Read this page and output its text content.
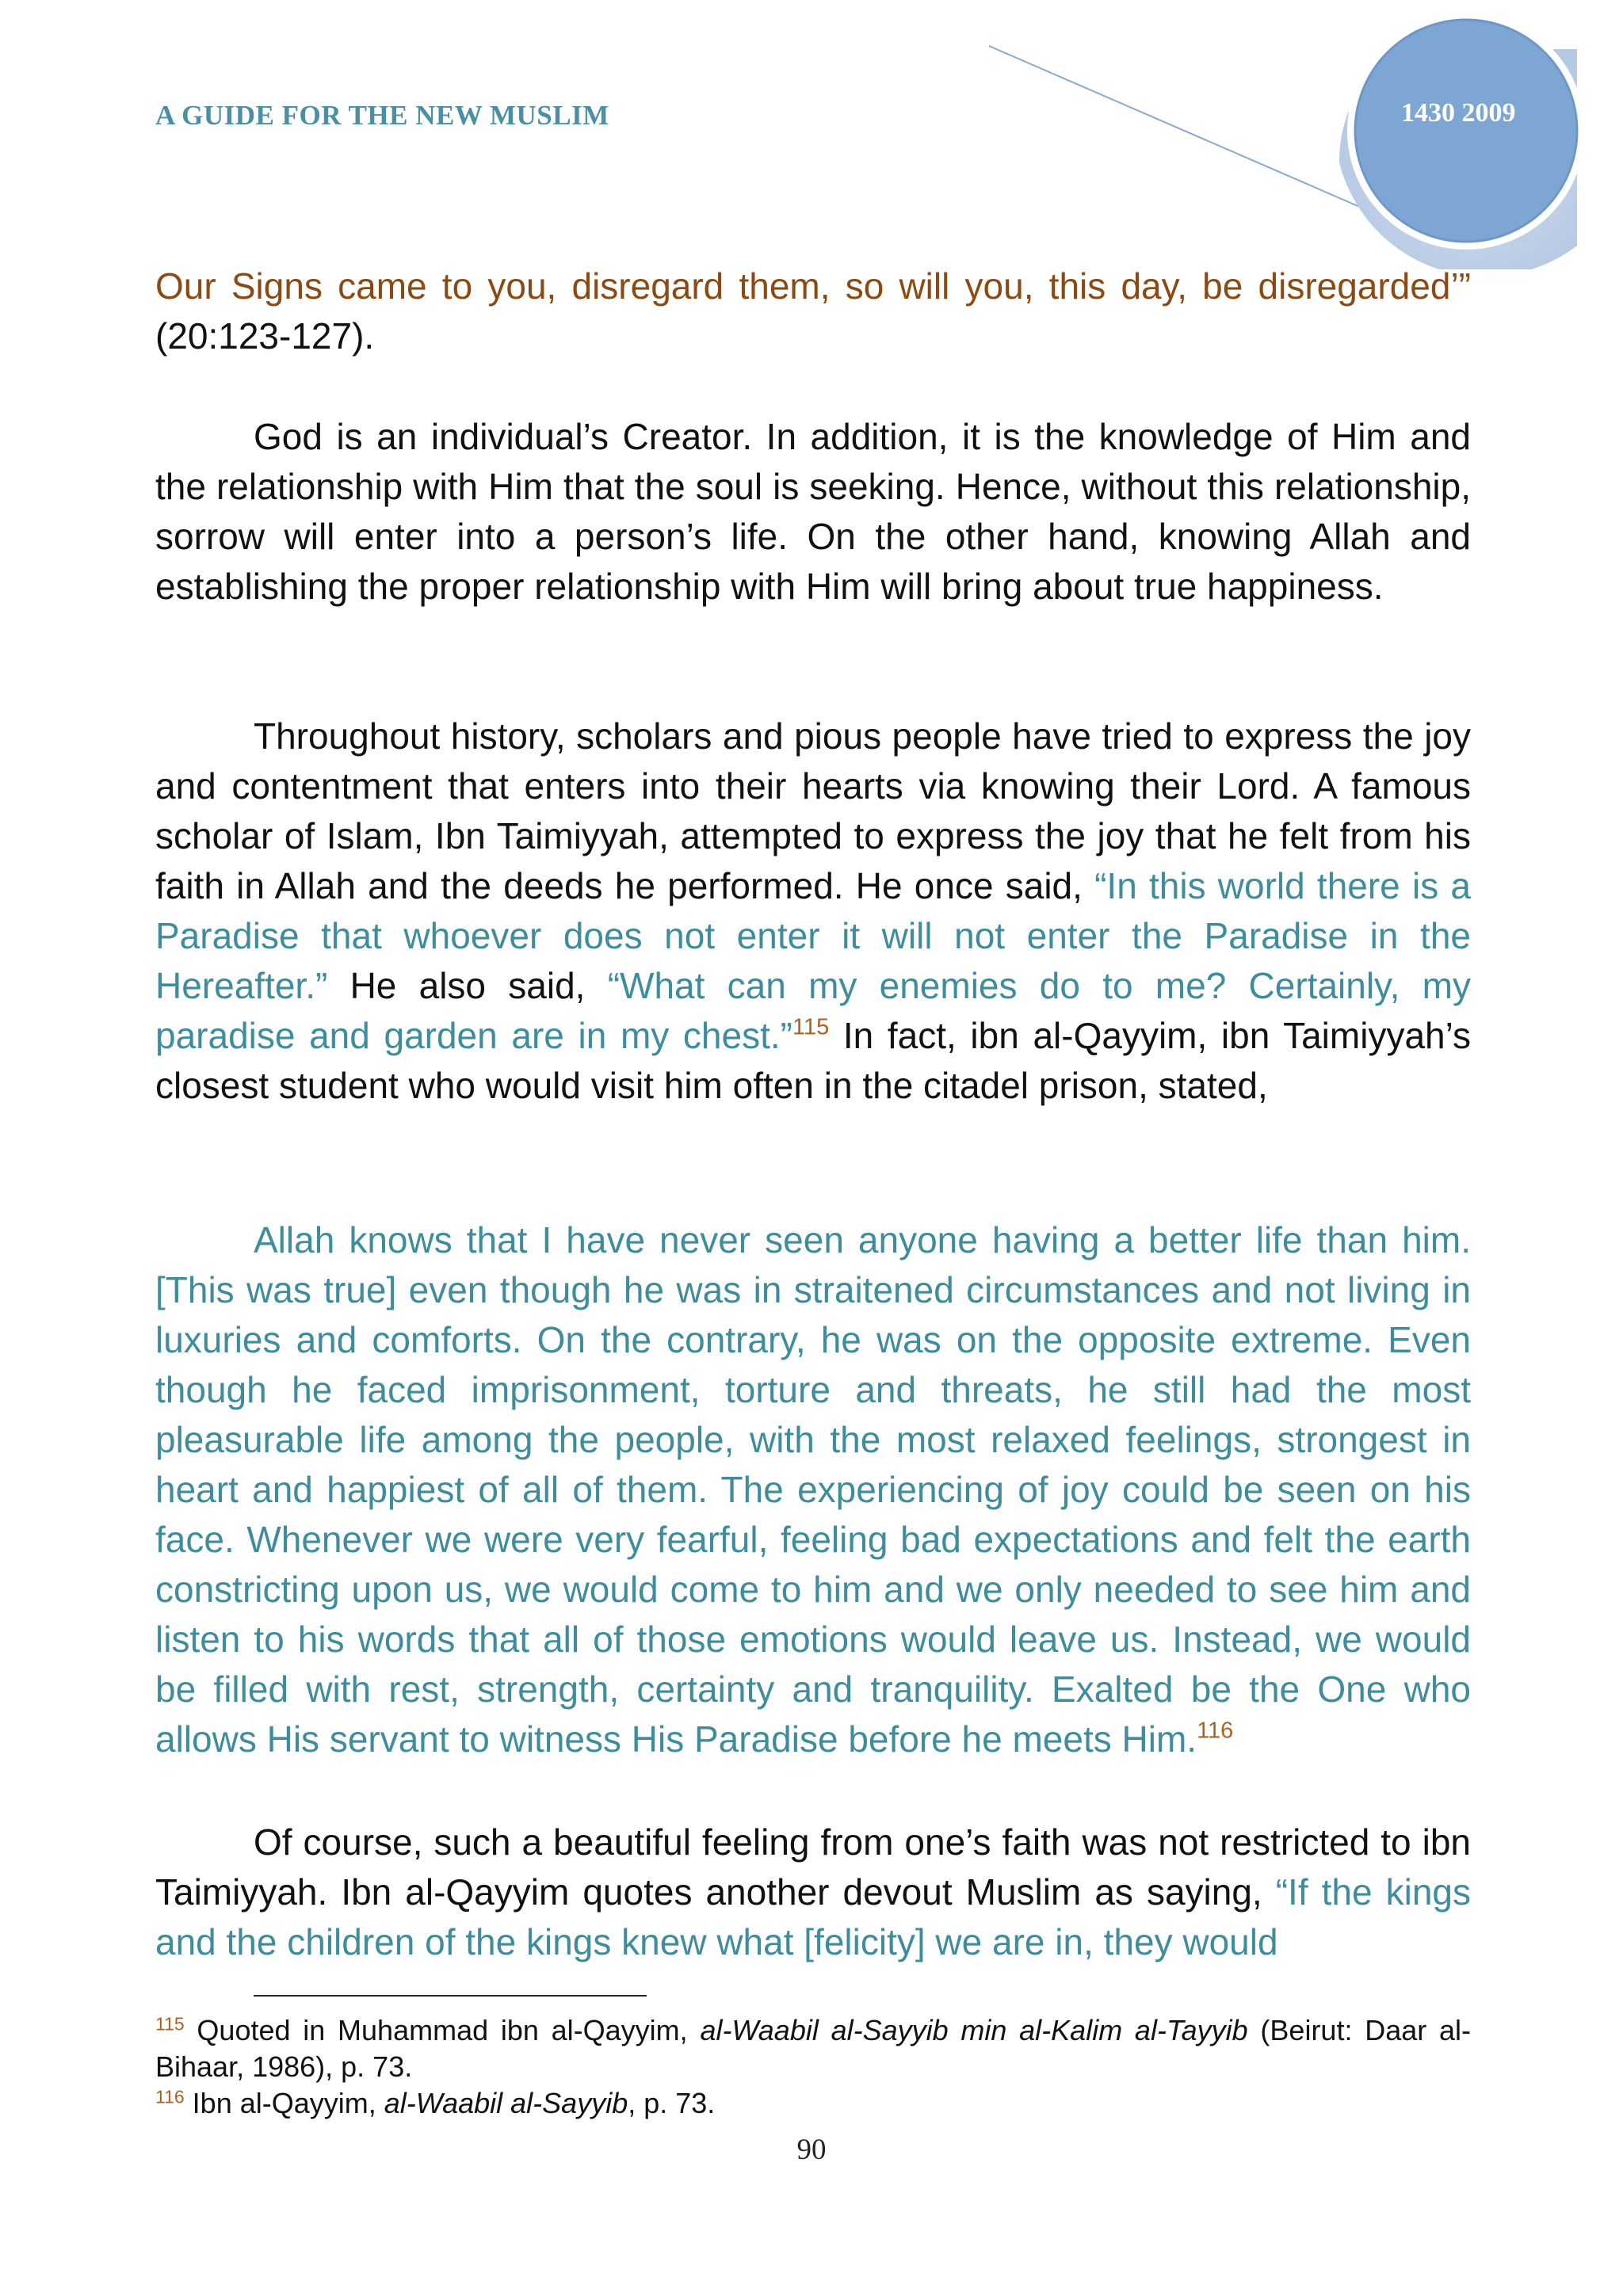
A GUIDE FOR THE NEW MUSLIM	1430 2009

Our Signs came to you, disregard them, so will you, this day, be disregarded’” (20:123-127).

God is an individual’s Creator. In addition, it is the knowledge of Him and the relationship with Him that the soul is seeking. Hence, without this relationship, sorrow will enter into a person’s life. On the other hand, knowing Allah and establishing the proper relationship with Him will bring about true happiness.

Throughout history, scholars and pious people have tried to express the joy and contentment that enters into their hearts via knowing their Lord. A famous scholar of Islam, Ibn Taimiyyah, attempted to express the joy that he felt from his faith in Allah and the deeds he performed. He once said, “In this world there is a Paradise that whoever does not enter it will not enter the Paradise in the Hereafter.” He also said, “What can my enemies do to me? Certainly, my paradise and garden are in my chest.”$^{115}$ In fact, ibn al-Qayyim, ibn Taimiyyah’s closest student who would visit him often in the citadel prison, stated,

Allah knows that I have never seen anyone having a better life than him. [This was true] even though he was in straitened circumstances and not living in luxuries and comforts. On the contrary, he was on the opposite extreme. Even though he faced imprisonment, torture and threats, he still had the most pleasurable life among the people, with the most relaxed feelings, strongest in heart and happiest of all of them. The experiencing of joy could be seen on his face. Whenever we were very fearful, feeling bad expectations and felt the earth constricting upon us, we would come to him and we only needed to see him and listen to his words that all of those emotions would leave us. Instead, we would be filled with rest, strength, certainty and tranquility. Exalted be the One who allows His servant to witness His Paradise before he meets Him.$^{116}$

Of course, such a beautiful feeling from one’s faith was not restricted to ibn Taimiyyah. Ibn al-Qayyim quotes another devout Muslim as saying, “If the kings and the children of the kings knew what [felicity] we are in, they would

$^{115}$ Quoted in Muhammad ibn al-Qayyim, al-Waabil al-Sayyib min al-Kalim al-Tayyib (Beirut: Daar al-Bihaar, 1986), p. 73.

$^{116}$ Ibn al-Qayyim, al-Waabil al-Sayyib, p. 73.

90
